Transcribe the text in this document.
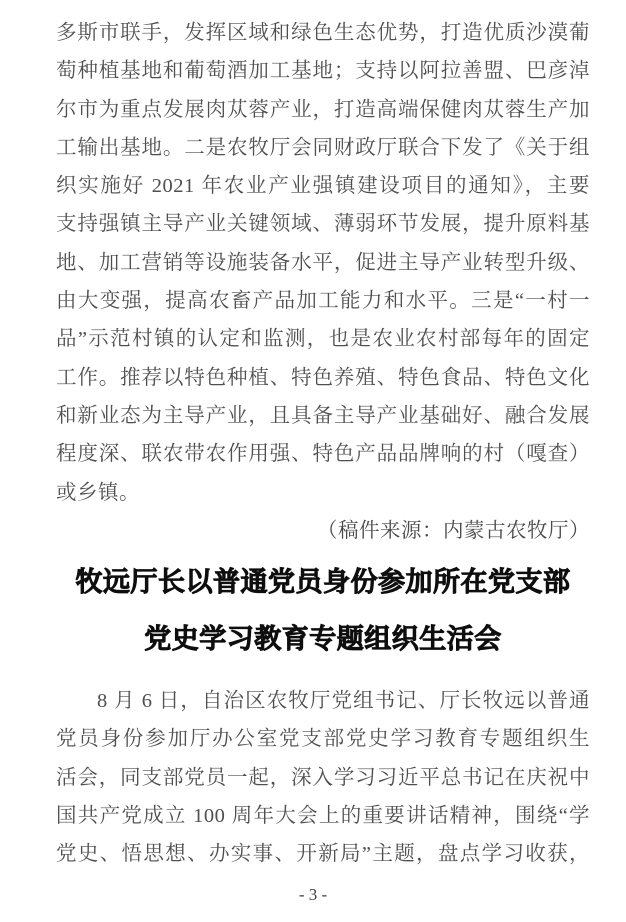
多斯市联手，发挥区域和绿色生态优势，打造优质沙漠葡
萄种植基地和葡萄酒加工基地；支持以阿拉善盟、巴彦淖
尔市为重点发展肉苁蓉产业，打造高端保健肉苁蓉生产加
工输出基地。二是农牧厅会同财政厅联合下发了《关于组
织实施好 2021 年农业产业强镇建设项目的通知》，主要
支持强镇主导产业关键领域、薄弱环节发展，提升原料基
地、加工营销等设施装备水平，促进主导产业转型升级、
由大变强，提高农畜产品加工能力和水平。三是“一村一
品”示范村镇的认定和监测，也是农业农村部每年的固定
工作。推荐以特色种植、特色养殖、特色食品、特色文化
和新业态为主导产业，且具备主导产业基础好、融合发展
程度深、联农带农作用强、特色产品品牌响的村（嘎查）
或乡镇。
（稿件来源：内蒙古农牧厅）
牧远厅长以普通党员身份参加所在党支部
党史学习教育专题组织生活会
8 月 6 日，自治区农牧厅党组书记、厅长牧远以普通
党员身份参加厅办公室党支部党史学习教育专题组织生
活会，同支部党员一起，深入学习习近平总书记在庆祝中
国共产党成立 100 周年大会上的重要讲话精神，围绕“学
党史、悟思想、办实事、开新局”主题，盘点学习收获，
- 3 -
